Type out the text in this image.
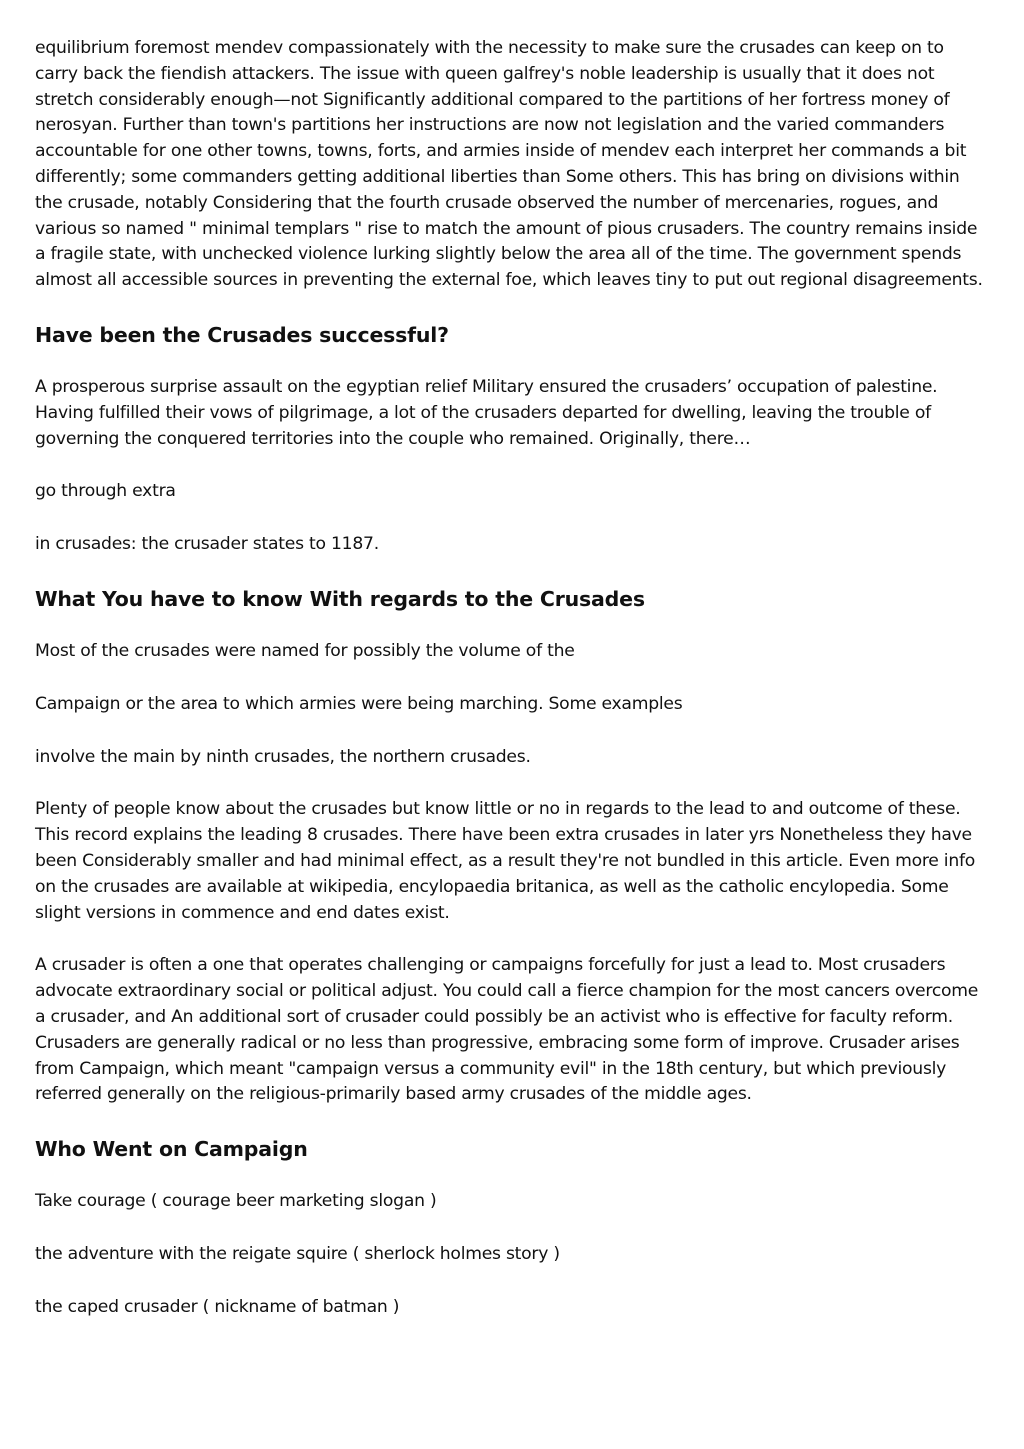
equilibrium foremost mendev compassionately with the necessity to make sure the crusades can keep on to carry back the fiendish attackers. The issue with queen galfrey's noble leadership is usually that it does not stretch considerably enough—not Significantly additional compared to the partitions of her fortress money of nerosyan. Further than town's partitions her instructions are now not legislation and the varied commanders accountable for one other towns, towns, forts, and armies inside of mendev each interpret her commands a bit differently; some commanders getting additional liberties than Some others. This has bring on divisions within the crusade, notably Considering that the fourth crusade observed the number of mercenaries, rogues, and various so named " minimal templars " rise to match the amount of pious crusaders. The country remains inside a fragile state, with unchecked violence lurking slightly below the area all of the time. The government spends almost all accessible sources in preventing the external foe, which leaves tiny to put out regional disagreements.

Have been the Crusades successful?

A prosperous surprise assault on the egyptian relief Military ensured the crusaders’ occupation of palestine. Having fulfilled their vows of pilgrimage, a lot of the crusaders departed for dwelling, leaving the trouble of governing the conquered territories into the couple who remained. Originally, there…

go through extra

in crusades: the crusader states to 1187.

What You have to know With regards to the Crusades

Most of the crusades were named for possibly the volume of the

Campaign or the area to which armies were being marching. Some examples

involve the main by ninth crusades, the northern crusades.

Plenty of people know about the crusades but know little or no in regards to the lead to and outcome of these. This record explains the leading 8 crusades. There have been extra crusades in later yrs Nonetheless they have been Considerably smaller and had minimal effect, as a result they're not bundled in this article. Even more info on the crusades are available at wikipedia, encylopaedia britanica, as well as the catholic encylopedia. Some slight versions in commence and end dates exist.

A crusader is often a one that operates challenging or campaigns forcefully for just a lead to. Most crusaders advocate extraordinary social or political adjust. You could call a fierce champion for the most cancers overcome a crusader, and An additional sort of crusader could possibly be an activist who is effective for faculty reform. Crusaders are generally radical or no less than progressive, embracing some form of improve. Crusader arises from Campaign, which meant "campaign versus a community evil" in the 18th century, but which previously referred generally on the religious-primarily based army crusades of the middle ages.

Who Went on Campaign

Take courage ( courage beer marketing slogan )

the adventure with the reigate squire ( sherlock holmes story )

the caped crusader ( nickname of batman )
